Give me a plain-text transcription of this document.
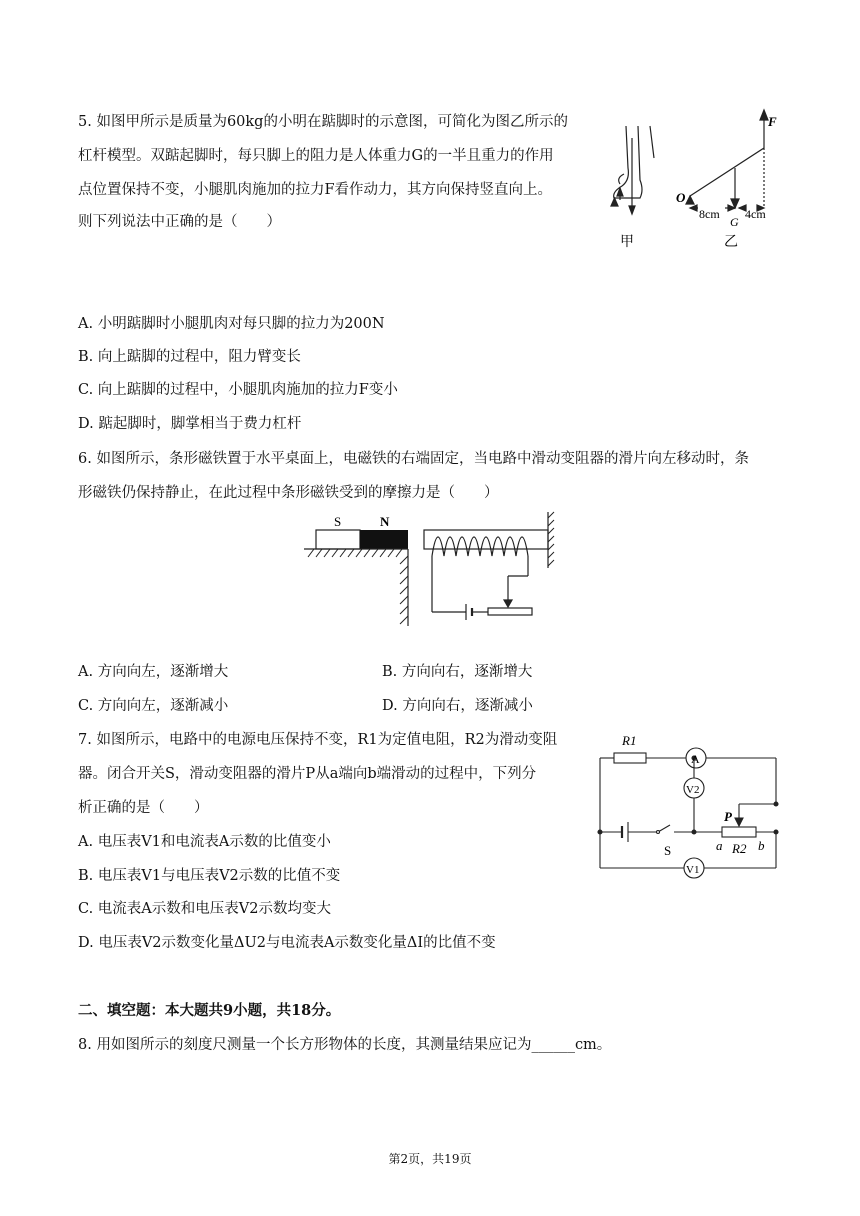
5. 如图甲所示是质量为60kg的小明在踮脚时的示意图，可简化为图乙所示的
杠杆模型。双踮起脚时，每只脚上的阻力是人体重力G的一半且重力的作用
点位置保持不变，小腿肌肉施加的拉力F看作动力，其方向保持竖直向上。
则下列说法中正确的是（　　）
甲
F
O
8cm
G
4cm
乙
A. 小明踮脚时小腿肌肉对每只脚的拉力为200N
B. 向上踮脚的过程中，阻力臂变长
C. 向上踮脚的过程中，小腿肌肉施加的拉力F变小
D. 踮起脚时，脚掌相当于费力杠杆
6. 如图所示，条形磁铁置于水平桌面上，电磁铁的右端固定，当电路中滑动变阻器的滑片向左移动时，条
形磁铁仍保持静止，在此过程中条形磁铁受到的摩擦力是（　　）
S	N
A. 方向向左，逐渐增大	B. 方向向右，逐渐增大
C. 方向向左，逐渐减小	D. 方向向右，逐渐减小
7. 如图所示，电路中的电源电压保持不变，R1为定值电阻，R2为滑动变阻
器。闭合开关S，滑动变阻器的滑片P从a端向b端滑动的过程中，下列分
析正确的是（　　）
R1
A
V2
P
S	a R2 b
V1
A. 电压表V1和电流表A示数的比值变小
B. 电压表V1与电压表V2示数的比值不变
C. 电流表A示数和电压表V2示数均变大
D. 电压表V2示数变化量ΔU2与电流表A示数变化量ΔI的比值不变
二、填空题：本大题共9小题，共18分。
8. 用如图所示的刻度尺测量一个长方形物体的长度，其测量结果应记为______cm。
第2页，共19页
